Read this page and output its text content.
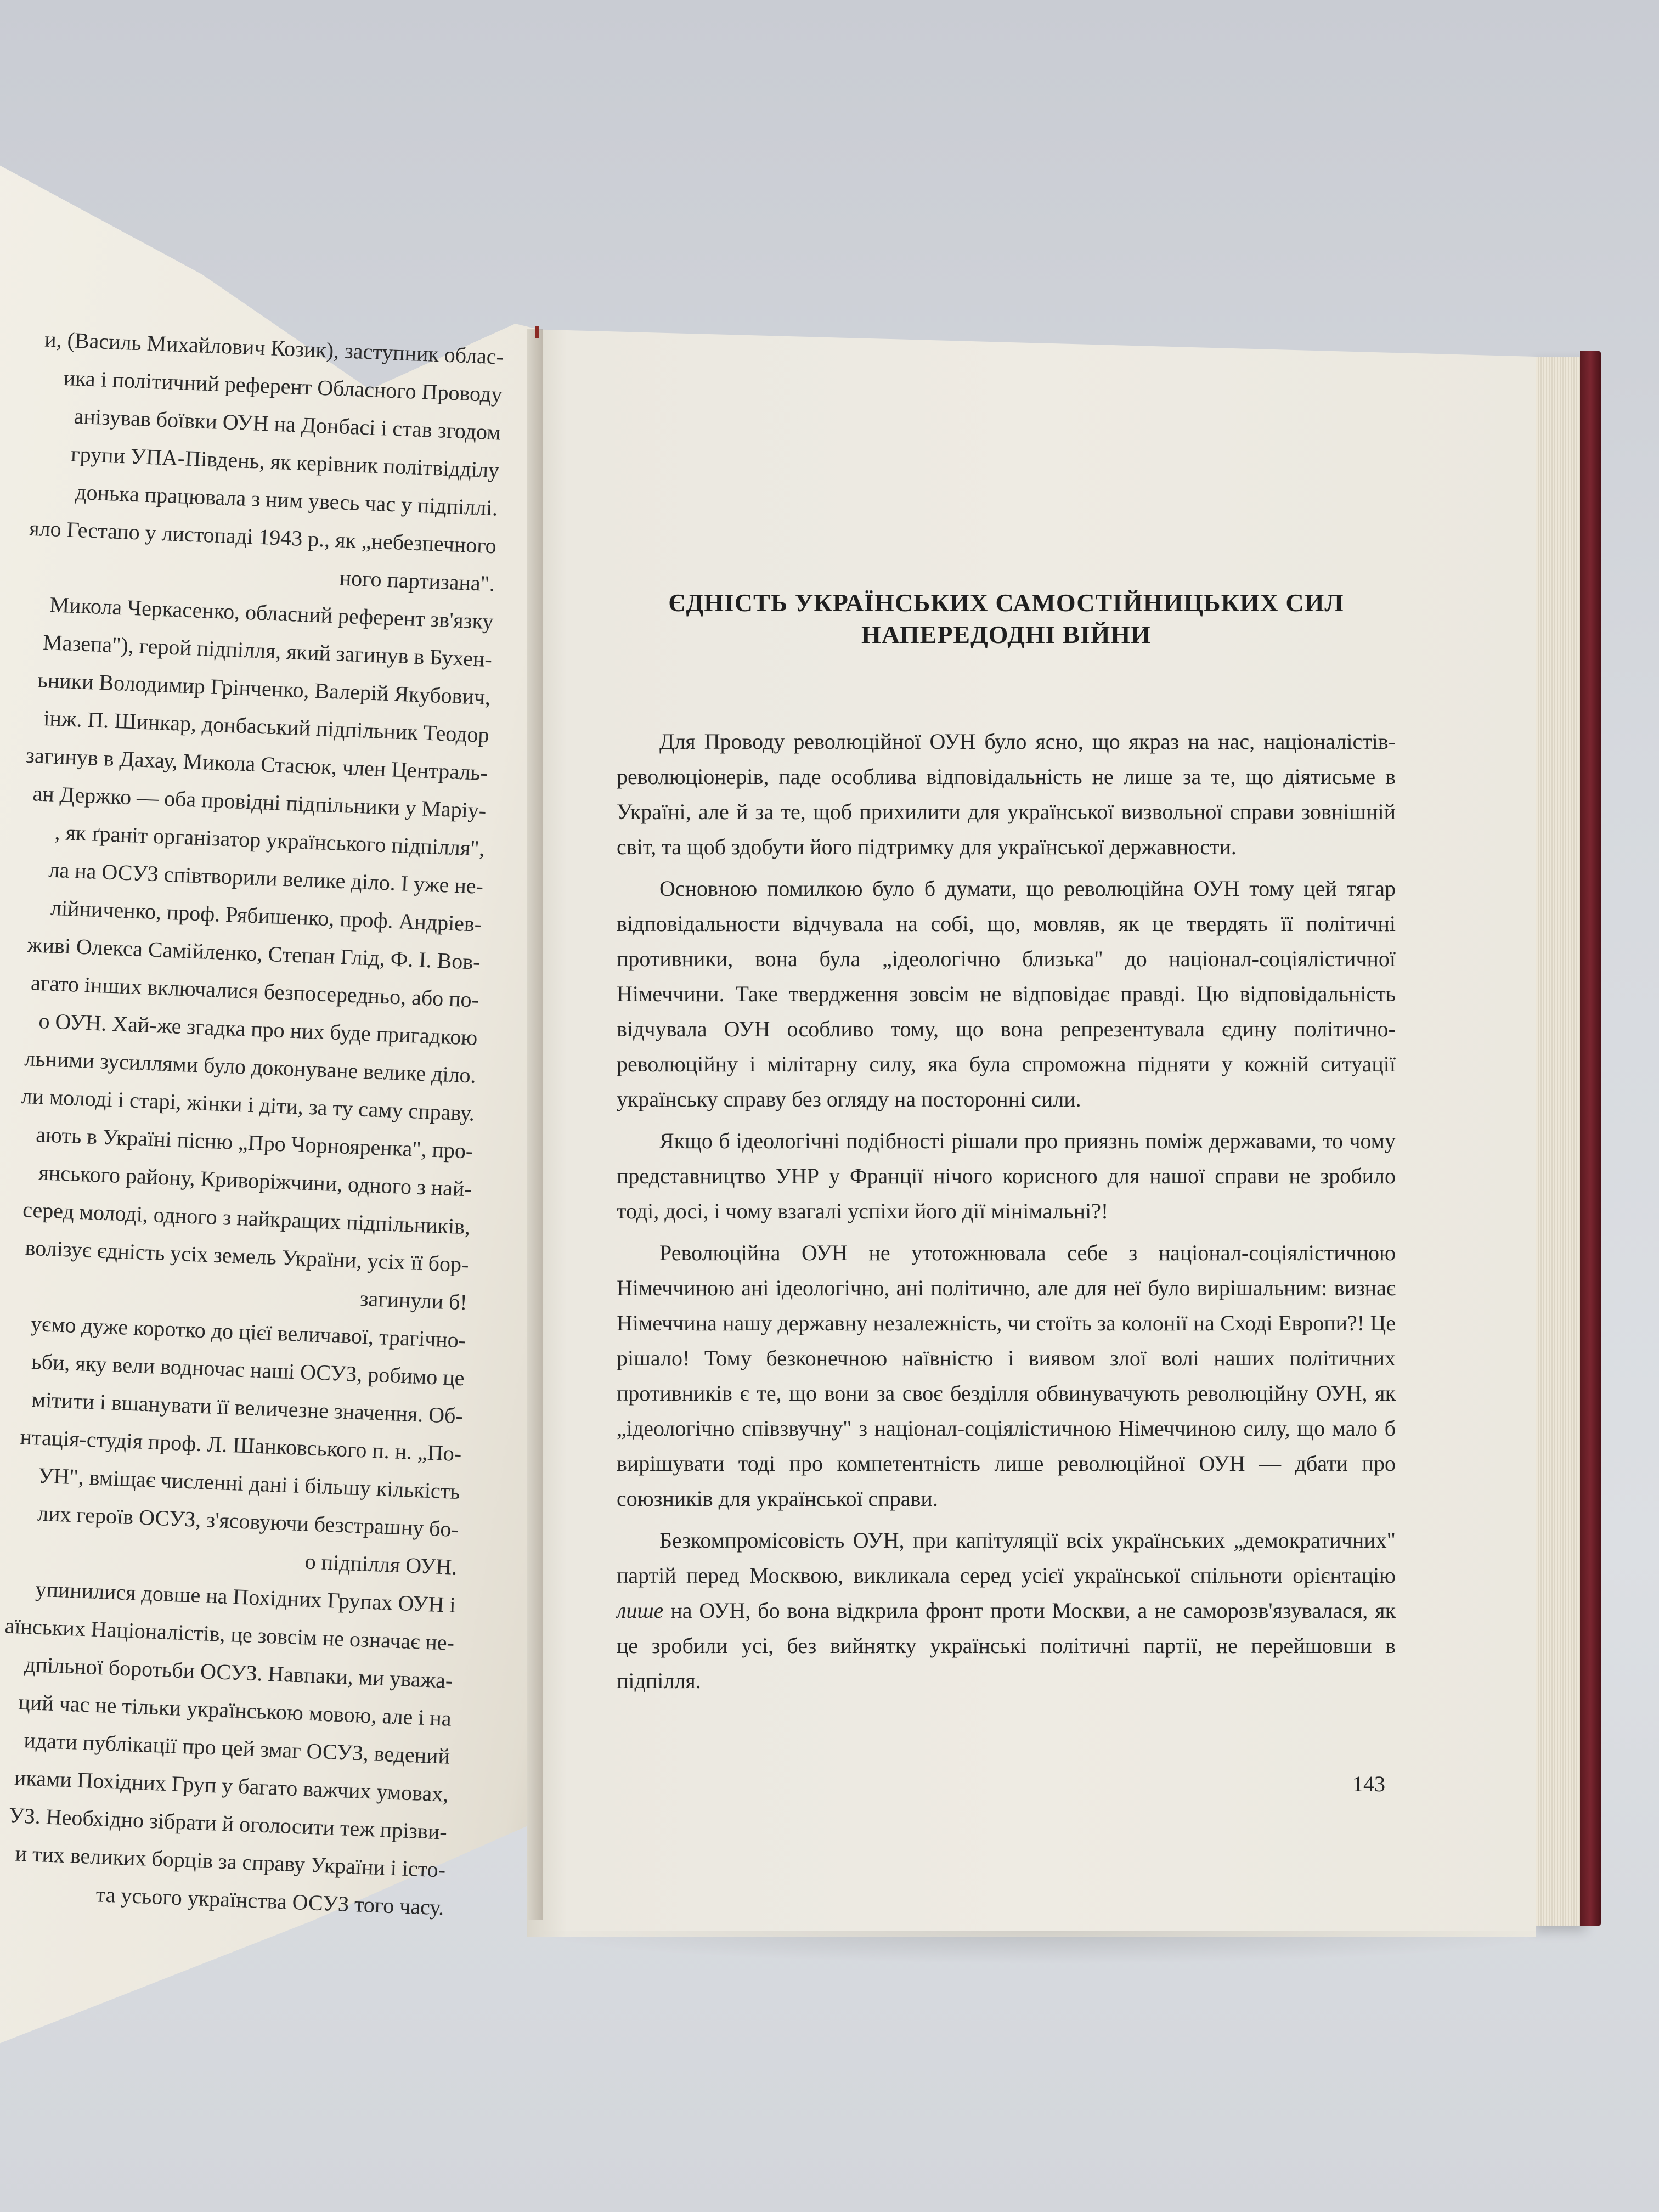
и, (Василь Михайлович Козик), заступник облас-
ика і політичний референт Обласного Проводу
анізував боївки ОУН на Донбасі і став згодом
групи УПА-Південь, як керівник політвідділу
донька працювала з ним увесь час у підпіллі.
яло Гестапо у листопаді 1943 р., як „небезпечного
ного партизана".
Микола Черкасенко, обласний референт зв'язку
Мазепа"), герой підпілля, який загинув в Бухен-
ьники Володимир Грінченко, Валерій Якубович,
інж. П. Шинкар, донбаський підпільник Теодор
загинув в Дахау, Микола Стасюк, член Централь-
ан Держко — оба провідні підпільники у Маріу-
, як ґраніт організатор українського підпілля",
ла на ОСУЗ співтворили велике діло. І уже не-
лійниченко, проф. Рябишенко, проф. Андріев-
живі Олекса Самійленко, Степан Глід, Ф. І. Вов-
агато інших включалися безпосередньо, або по-
о ОУН. Хай-же згадка про них буде пригадкою
льними зусиллями було доконуване велике діло.
ли молоді і старі, жінки і діти, за ту саму справу.
ають в Україні пісню „Про Чорнояренка", про-
янського району, Криворіжчини, одного з най-
серед молоді, одного з найкращих підпільників,
волізує єдність усіх земель України, усіх її бор-
загинули б!
уємо дуже коротко до цієї величавої, трагічно-
ьби, яку вели водночас наші ОСУЗ, робимо це
мітити і вшанувати її величезне значення. Об-
нтація-студія проф. Л. Шанковського п. н. „По-
УН", вміщає численні дані і більшу кількість
лих героїв ОСУЗ, з'ясовуючи безстрашну бо-
о підпілля ОУН.
упинилися довше на Похідних Групах ОУН і
аїнських Націоналістів, це зовсім не означає не-
дпільної боротьби ОСУЗ. Навпаки, ми уважа-
ций час не тільки українською мовою, але і на
идати публікації про цей змаг ОСУЗ, ведений
иками Похідних Груп у багато важчих умовах,
УЗ. Необхідно зібрати й оголосити теж прізви-
и тих великих борців за справу України і істо-
та усього українства ОСУЗ того часу.
ЄДНІСТЬ УКРАЇНСЬКИХ САМОСТІЙНИЦЬКИХ СИЛ
НАПЕРЕДОДНІ ВІЙНИ

Для Проводу революційної ОУН було ясно, що якраз на нас, націоналістів-революціонерів, паде особлива відповідальність не лише за те, що діятисьме в Україні, але й за те, щоб прихилити для української визвольної справи зовнішній світ, та щоб здобути його підтримку для української державности.

Основною помилкою було б думати, що революційна ОУН тому цей тягар відповідальности відчувала на собі, що, мовляв, як це твердять її політичні противники, вона була „ідеологічно близька" до націонал-соціялістичної Німеччини. Таке твердження зовсім не відповідає правді. Цю відповідальність відчувала ОУН особливо тому, що вона репрезентувала єдину політично-революційну і мілітарну силу, яка була спроможна підняти у кожній ситуації українську справу без огляду на посторонні сили.

Якщо б ідеологічні подібності рішали про приязнь поміж державами, то чому представництво УНР у Франції нічого корисного для нашої справи не зробило тоді, досі, і чому взагалі успіхи його дії мінімальні?!

Революційна ОУН не утотожнювала себе з націонал-соціялістичною Німеччиною ані ідеологічно, ані політично, але для неї було вирішальним: визнає Німеччина нашу державну незалежність, чи стоїть за колонії на Сході Европи?! Це рішало! Тому безконечною наївністю і виявом злої волі наших політичних противників є те, що вони за своє безділля обвинувачують революційну ОУН, як „ідеологічно співзвучну" з націонал-соціялістичною Німеччиною силу, що мало б вирішувати тоді про компетентність лише революційної ОУН — дбати про союзників для української справи.

Безкомпромісовість ОУН, при капітуляції всіх українських „демократичних" партій перед Москвою, викликала серед усієї української спільноти орієнтацію лише на ОУН, бо вона відкрила фронт проти Москви, а не саморозв'язувалася, як це зробили усі, без вийнятку українські політичні партії, не перейшовши в підпілля.

143
